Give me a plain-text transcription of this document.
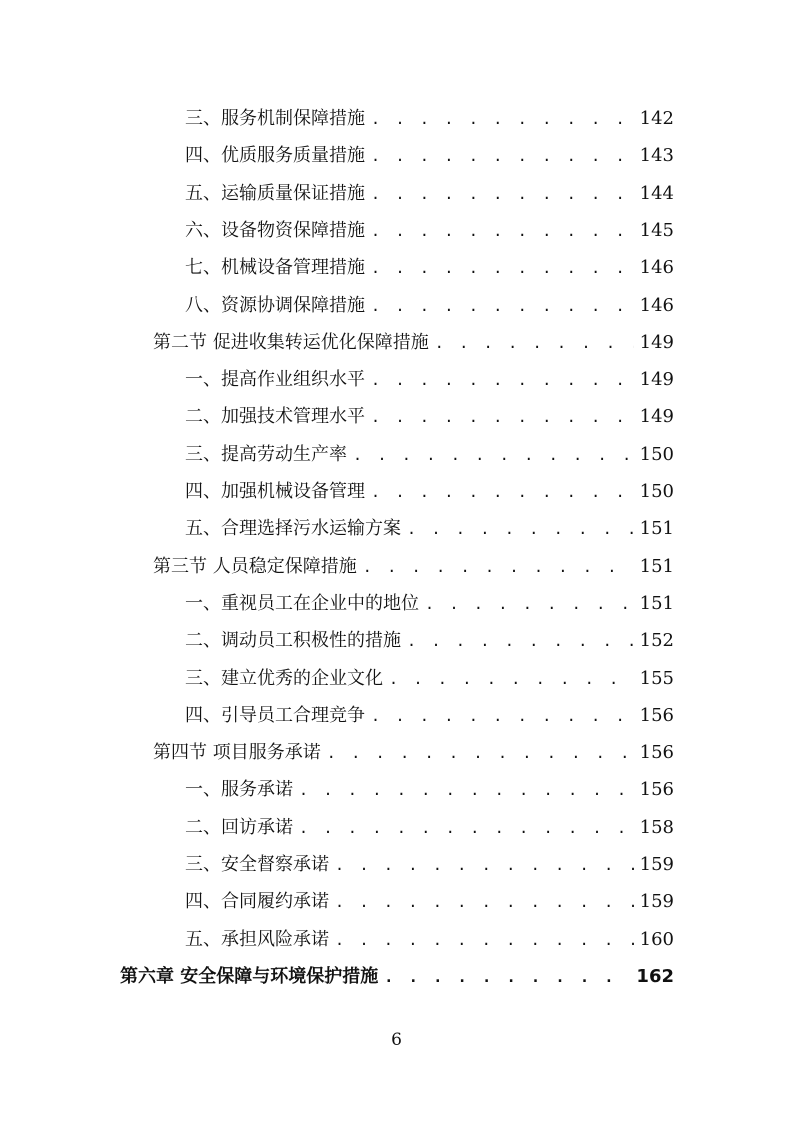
三、服务机制保障措施 . . .	142
四、优质服务质量措施 . . .	143
五、运输质量保证措施 . . .	144
六、设备物资保障措施 . . .	145
七、机械设备管理措施 . . .	146
八、资源协调保障措施 . . .	146
第二节 促进收集转运优化保障措施 . . .	149
一、提高作业组织水平 . . .	149
二、加强技术管理水平 . . .	149
三、提高劳动生产率 . . .	150
四、加强机械设备管理 . . .	150
五、合理选择污水运输方案 . . .	151
第三节 人员稳定保障措施 . . .	151
一、重视员工在企业中的地位 . . .	151
二、调动员工积极性的措施 . . .	152
三、建立优秀的企业文化 . . .	155
四、引导员工合理竞争 . . .	156
第四节 项目服务承诺 . . .	156
一、服务承诺 . . .	156
二、回访承诺 . . .	158
三、安全督察承诺 . . .	159
四、合同履约承诺 . . .	159
五、承担风险承诺 . . .	160
第六章 安全保障与环境保护措施 . . .	162
6
